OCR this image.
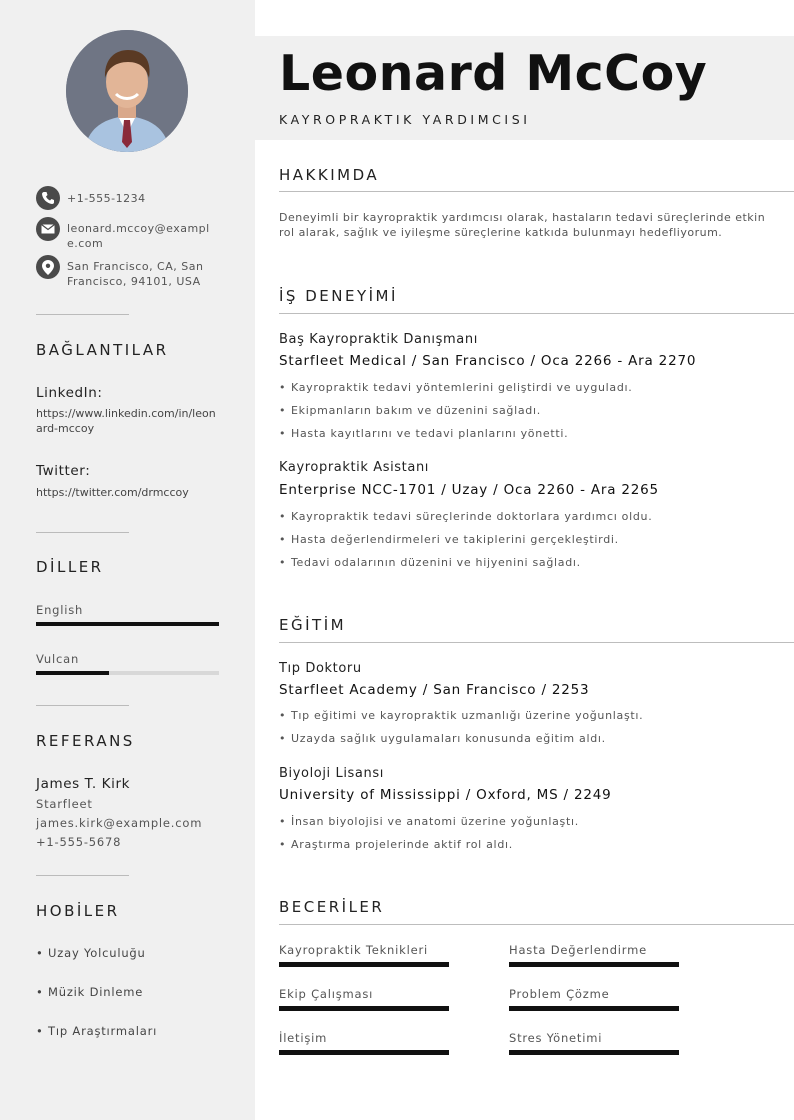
+1-555-1234
leonard.mccoy@example.com
San Francisco, CA, San Francisco, 94101, USA
BAĞLANTILAR
LinkedIn:
https://www.linkedin.com/in/leonard-mccoy
Twitter:
https://twitter.com/drmccoy
DİLLER
English
Vulcan
REFERANS
James T. Kirk
Starfleet
james.kirk@example.com
+1-555-5678
HOBİLER
• Uzay Yolculuğu
• Müzik Dinleme
• Tıp Araştırmaları
Leonard McCoy
KAYROPRAKTIK YARDIMCISI
HAKKIMDA
Deneyimli bir kayropraktik yardımcısı olarak, hastaların tedavi süreçlerinde etkin rol alarak, sağlık ve iyileşme süreçlerine katkıda bulunmayı hedefliyorum.
İŞ DENEYİMİ
Baş Kayropraktik Danışmanı
Starfleet Medical / San Francisco / Oca 2266 - Ara 2270
• Kayropraktik tedavi yöntemlerini geliştirdi ve uyguladı.
• Ekipmanların bakım ve düzenini sağladı.
• Hasta kayıtlarını ve tedavi planlarını yönetti.
Kayropraktik Asistanı
Enterprise NCC-1701 / Uzay / Oca 2260 - Ara 2265
• Kayropraktik tedavi süreçlerinde doktorlara yardımcı oldu.
• Hasta değerlendirmeleri ve takiplerini gerçekleştirdi.
• Tedavi odalarının düzenini ve hijyenini sağladı.
EĞİTİM
Tıp Doktoru
Starfleet Academy / San Francisco / 2253
• Tıp eğitimi ve kayropraktik uzmanlığı üzerine yoğunlaştı.
• Uzayda sağlık uygulamaları konusunda eğitim aldı.
Biyoloji Lisansı
University of Mississippi / Oxford, MS / 2249
• İnsan biyolojisi ve anatomi üzerine yoğunlaştı.
• Araştırma projelerinde aktif rol aldı.
BECERİLER
Kayropraktik Teknikleri	Hasta Değerlendirme
Ekip Çalışması	Problem Çözme
İletişim	Stres Yönetimi
